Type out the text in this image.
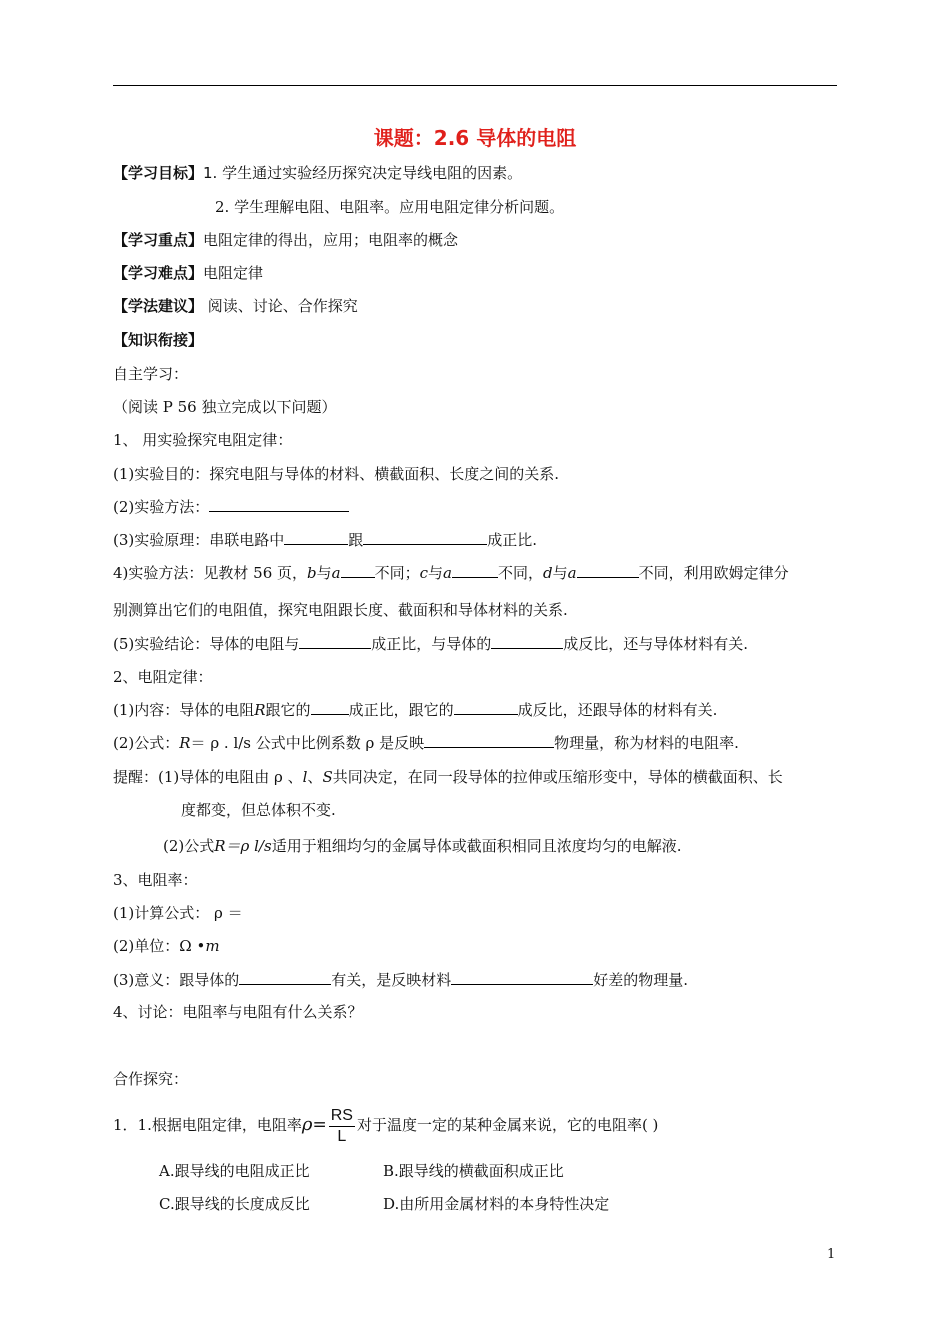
课题：2.6 导体的电阻
【学习目标】1. 学生通过实验经历探究决定导线电阻的因素。
2. 学生理解电阻、电阻率。应用电阻定律分析问题。
【学习重点】电阻定律的得出，应用；电阻率的概念
【学习难点】电阻定律
【学法建议】 阅读、讨论、合作探究
【知识衔接】
自主学习：
（阅读 P 56 独立完成以下问题）
1、 用实验探究电阻定律：
(1)实验目的：探究电阻与导体的材料、横截面积、长度之间的关系.
(2)实验方法：
(3)实验原理：串联电路中	跟	成正比.
4)实验方法：见教材 56 页，b与a 不同；c与a	不同，d与a	不同，利用欧姆定律分
别测算出它们的电阻值，探究电阻跟长度、截面积和导体材料的关系.
(5)实验结论：导体的电阻与	成正比，与导体的	成反比，还与导体材料有关.
2、电阻定律：
(1)内容：导体的电阻R跟它的	成正比，跟它的	成反比，还跟导体的材料有关.
(2)公式：R＝ ρ . l/s 公式中比例系数 ρ 是反映	物理量，称为材料的电阻率.
提醒：(1)导体的电阻由 ρ 、l、S共同决定，在同一段导体的拉伸或压缩形变中，导体的横截面积、长
度都变，但总体积不变.
(2)公式R＝ρ l/s适用于粗细均匀的金属导体或截面积相同且浓度均匀的电解液.
3、电阻率：
(1)计算公式： ρ ＝
(2)单位：Ω •m
(3)意义：跟导体的	有关，是反映材料	好差的物理量.
4、讨论：电阻率与电阻有什么关系？
合作探究：
1．1.根据电阻定律，电阻率$\rho= \frac{RS}{L}$ 对于温度一定的某种金属来说，它的电阻率( )
A.跟导线的电阻成正比	B.跟导线的横截面积成正比
C.跟导线的长度成反比	D.由所用金属材料的本身特性决定
1
